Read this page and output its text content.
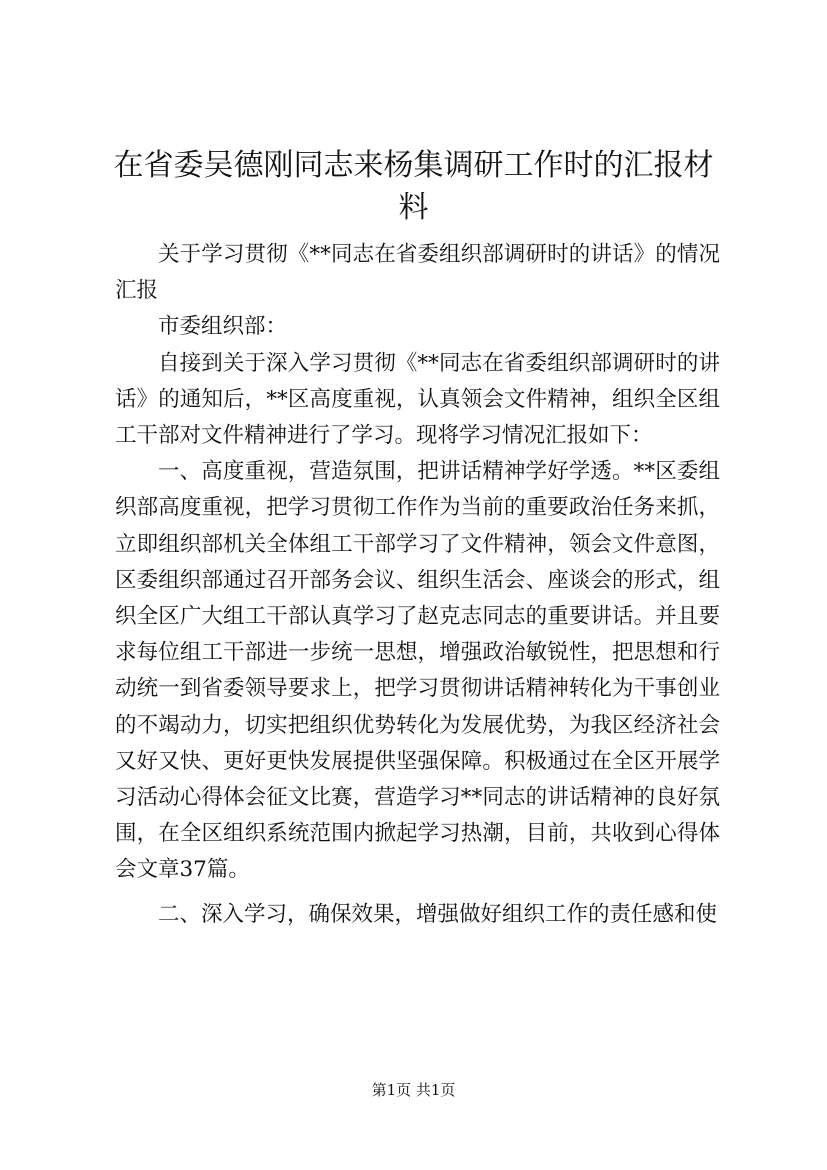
在省委吴德刚同志来杨集调研工作时的汇报材料

关于学习贯彻《**同志在省委组织部调研时的讲话》的情况汇报

市委组织部：

自接到关于深入学习贯彻《**同志在省委组织部调研时的讲话》的通知后，**区高度重视，认真领会文件精神，组织全区组工干部对文件精神进行了学习。现将学习情况汇报如下：

一、高度重视，营造氛围，把讲话精神学好学透。**区委组织部高度重视，把学习贯彻工作作为当前的重要政治任务来抓，立即组织部机关全体组工干部学习了文件精神，领会文件意图，区委组织部通过召开部务会议、组织生活会、座谈会的形式，组织全区广大组工干部认真学习了赵克志同志的重要讲话。并且要求每位组工干部进一步统一思想，增强政治敏锐性，把思想和行动统一到省委领导要求上，把学习贯彻讲话精神转化为干事创业的不竭动力，切实把组织优势转化为发展优势，为我区经济社会又好又快、更好更快发展提供坚强保障。积极通过在全区开展学习活动心得体会征文比赛，营造学习**同志的讲话精神的良好氛围，在全区组织系统范围内掀起学习热潮，目前，共收到心得体会文章37篇。

二、深入学习，确保效果，增强做好组织工作的责任感和使

第1页 共1页
